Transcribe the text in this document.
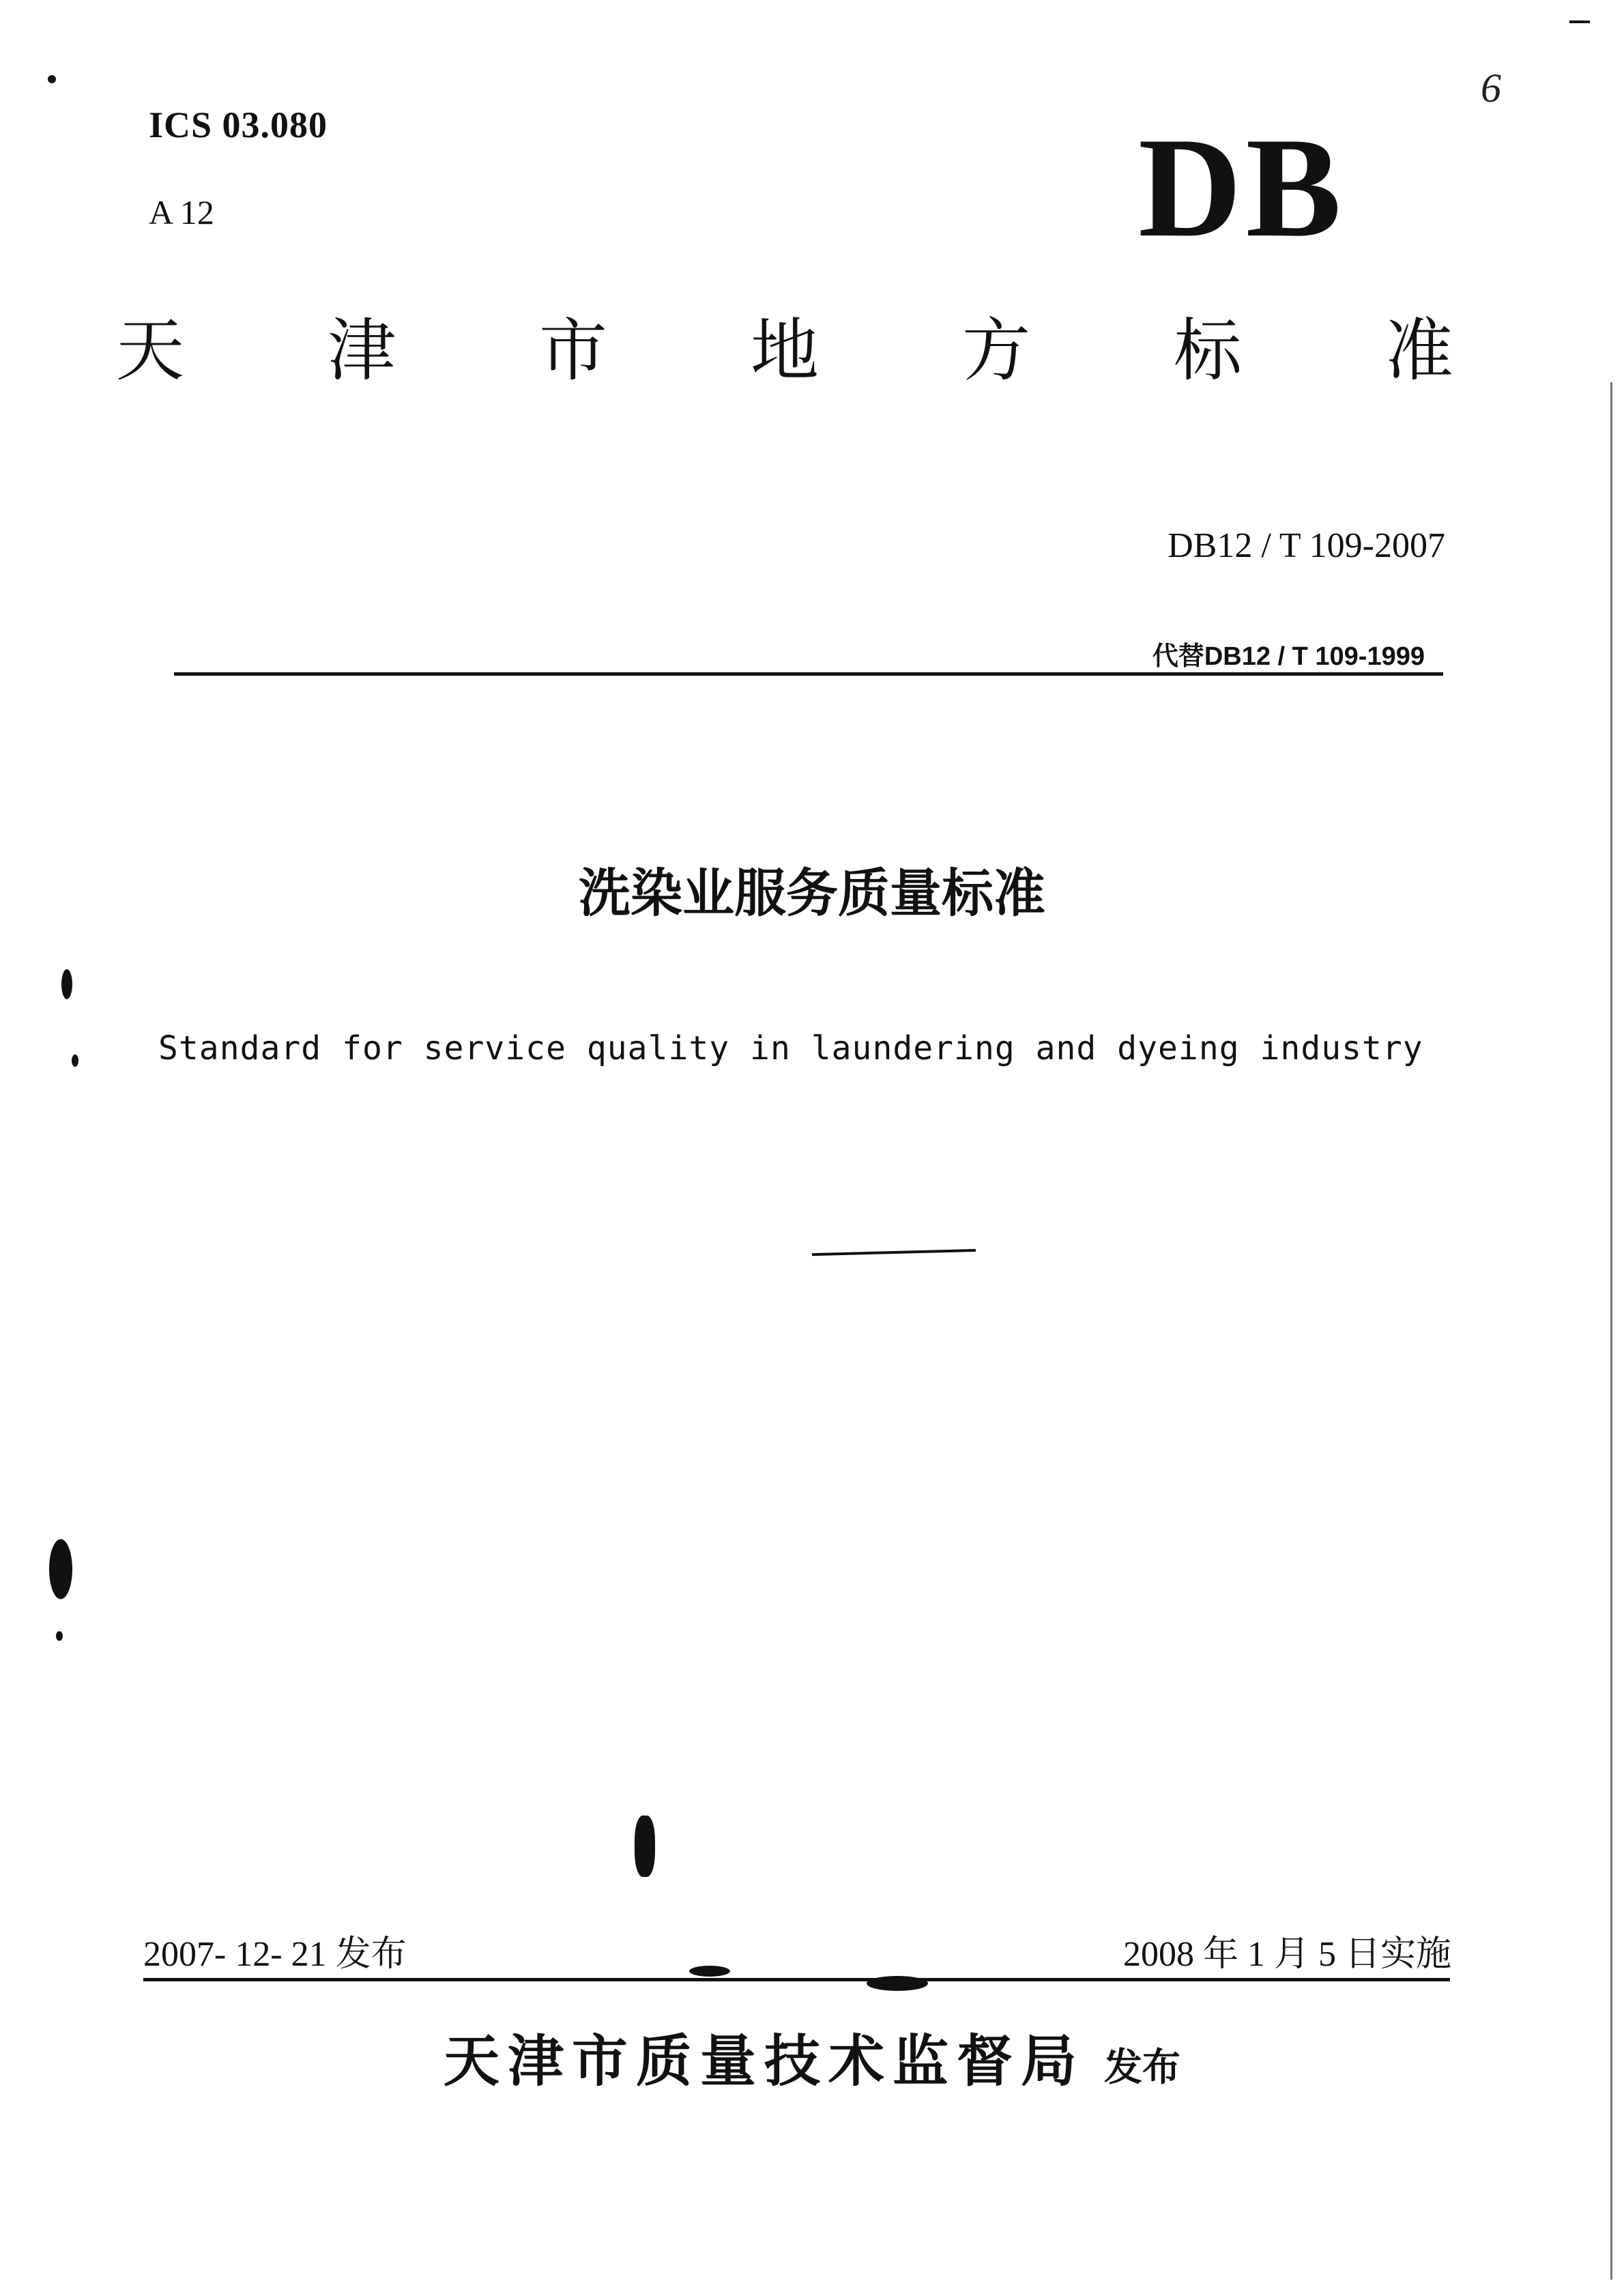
ICS 03.080
A 12	DB
天 津 市 地 方 标 准
DB12 / T 109-2007
代替DB12 / T 109-1999
洗染业服务质量标准
Standard for service quality in laundering and dyeing industry
2007- 12- 21 发布	2008 年 1 月 5 日实施
天津市质量技术监督局 发布
6
